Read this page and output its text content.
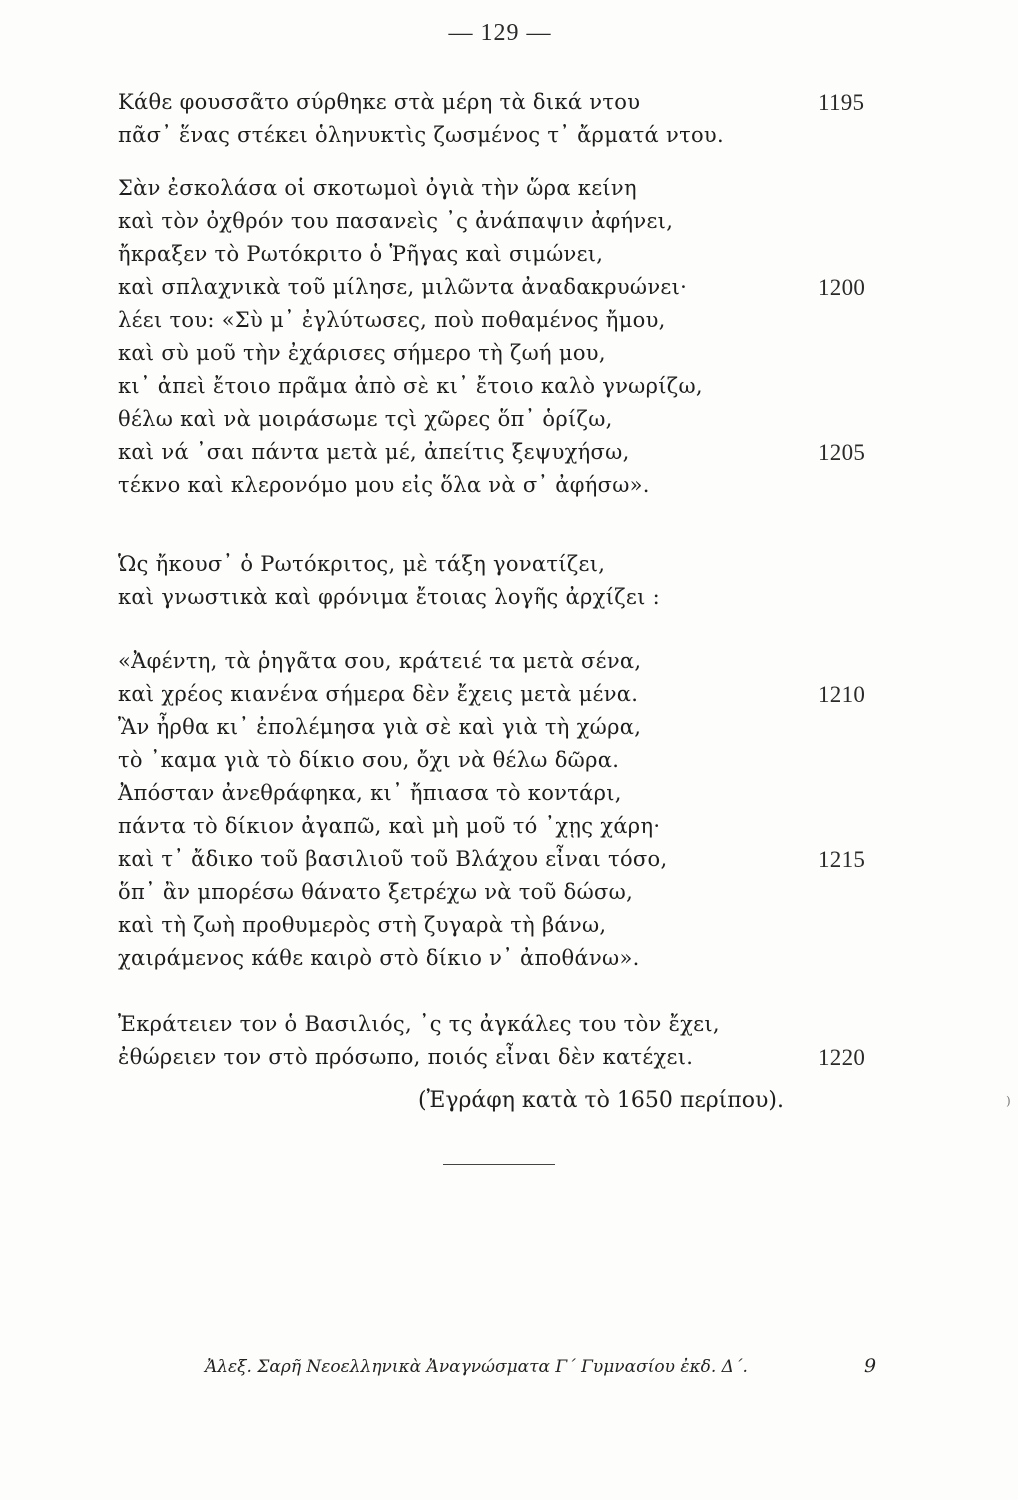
— 129 —
Κάθε φουσσᾶτο σύρθηκε στὰ μέρη τὰ δικά ντου	1195
πᾶσ᾽ ἕνας στέκει ὁληνυκτὶς ζωσμένος τ᾽ ἄρματά ντου.
Σὰν ἐσκολάσα οἱ σκοτωμοὶ ὀγιὰ τὴν ὥρα κείνη
καὶ τὸν ὀχθρόν του πασανεὶς ᾽ς ἀνάπαψιν ἀφήνει,
ἤκραξεν τὸ Ρωτόκριτο ὁ Ῥῆγας καὶ σιμώνει,
καὶ σπλαχνικὰ τοῦ μίλησε, μιλῶντα ἀναδακρυώνει·	1200
λέει του: «Σὺ μ᾽ ἐγλύτωσες, ποὺ ποθαμένος ἤμου,
καὶ σὺ μοῦ τὴν ἐχάρισες σήμερο τὴ ζωή μου,
κι᾽ ἀπεὶ ἔτοιο πρᾶμα ἀπὸ σὲ κι᾽ ἔτοιο καλὸ γνωρίζω,
θέλω καὶ νὰ μοιράσωμε τςὶ χῶρες ὅπ᾽ ὁρίζω,
καὶ νά ᾽σαι πάντα μετὰ μέ, ἀπείτις ξεψυχήσω,	1205
τέκνο καὶ κλερονόμο μου εἰς ὅλα νὰ σ᾽ ἀφήσω».
Ὡς ἤκουσ᾽ ὁ Ρωτόκριτος, μὲ τάξη γονατίζει,
καὶ γνωστικὰ καὶ φρόνιμα ἔτοιας λογῆς ἀρχίζει :
«Ἀφέντη, τὰ ῥηγᾶτα σου, κράτειέ τα μετὰ σένα,
καὶ χρέος κιανένα σήμερα δὲν ἔχεις μετὰ μένα.	1210
Ἂν ἦρθα κι᾽ ἐπολέμησα γιὰ σὲ καὶ γιὰ τὴ χώρα,
τὸ ᾽καμα γιὰ τὸ δίκιο σου, ὄχι νὰ θέλω δῶρα.
Ἀπόσταν ἀνεθράφηκα, κι᾽ ἤπιασα τὸ κοντάρι,
πάντα τὸ δίκιον ἀγαπῶ, καὶ μὴ μοῦ τό ᾽χῃς χάρη·
καὶ τ᾽ ἄδικο τοῦ βασιλιοῦ τοῦ Βλάχου εἶναι τόσο,	1215
ὅπ᾽ ἂν μπορέσω θάνατο ξετρέχω νὰ τοῦ δώσω,
καὶ τὴ ζωὴ προθυμερὸς στὴ ζυγαρὰ τὴ βάνω,
χαιράμενος κάθε καιρὸ στὸ δίκιο ν᾽ ἀποθάνω».
Ἐκράτειεν τον ὁ Βασιλιός, ᾽ς τς ἀγκάλες του τὸν ἔχει,
ἐθώρειεν τον στὸ πρόσωπο, ποιός εἶναι δὲν κατέχει.	1220
(Ἐγράφη κατὰ τὸ 1650 περίπου).	)
Ἀλεξ. Σαρῆ Νεοελληνικὰ Ἀναγνώσματα Γ΄ Γυμνασίου ἐκδ. Δ΄.	9
